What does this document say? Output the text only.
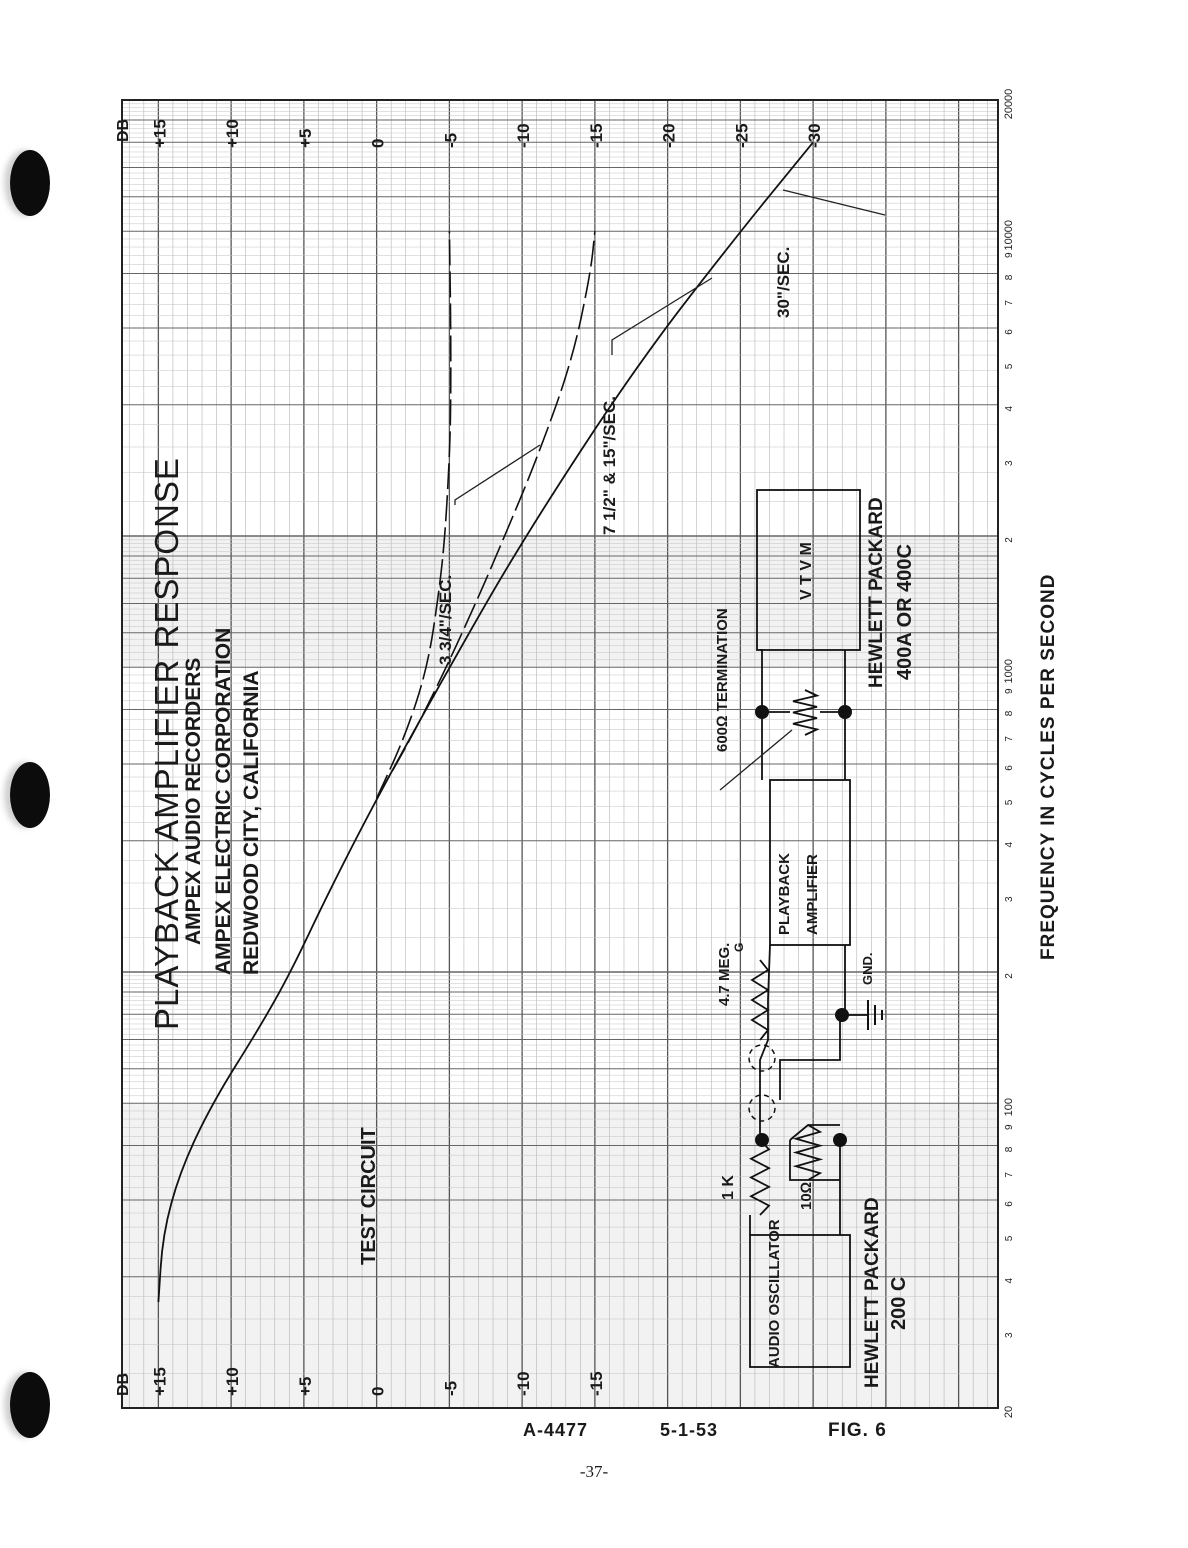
20
3
4
5
6
7
8
9
100
2
3
4
5
6
7
8
9
1000
2
3
4
5
6
7
8
9
10000
20000
+15
+15
+10
+10
+5
+5
0
0
-5
-5
-10
-10
-15
-15	-20	-25	-30
DB
DB
PLAYBACK AMPLIFIER RESPONSE
AMPEX AUDIO RECORDERS AMPEX ELECTRIC CORPORATION REDWOOD CITY, CALIFORNIA
TEST CIRCUIT	1 K
4.7 MEG. G
10Ω
AUDIO OSCILLATOR	HEWLETT PACKARD 200 C
GND.
PLAYBACK AMPLIFIER
600Ω TERMINATION
V T V M	HEWLETT PACKARD 400A OR 400C
3 3/4"/SEC.
7 1/2" & 15"/SEC.
30"/SEC.
FREQUENCY IN CYCLES PER SECOND
A-4477	5-1-53	FIG. 6
-37-
